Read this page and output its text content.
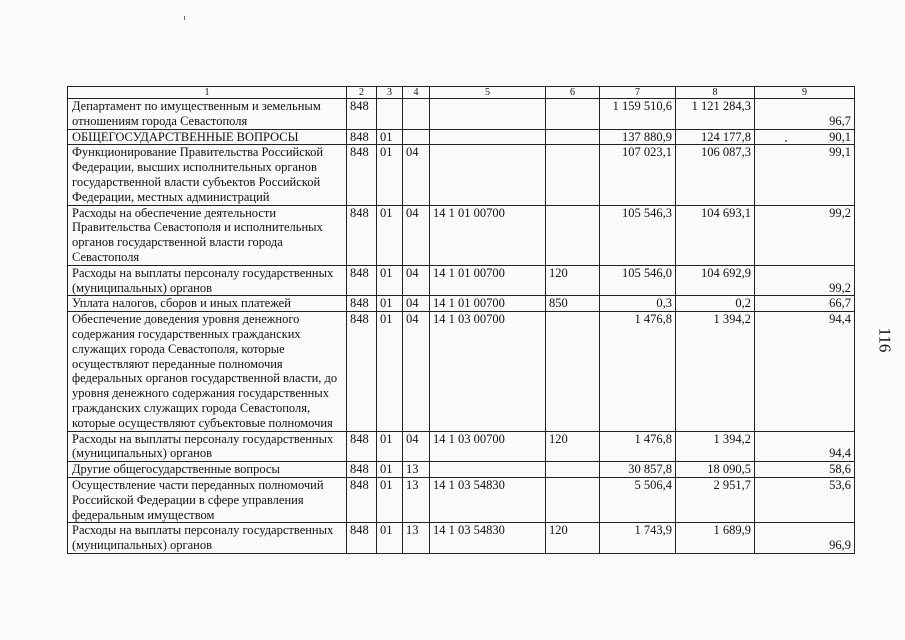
1	2	3	4	5	6	7	8	9
Департамент по имущественным и земельным отношениям города Севастополя	848					1 159 510,6	1 121 284,3	96,7
ОБЩЕГОСУДАРСТВЕННЫЕ ВОПРОСЫ	848	01				137 880,9	124 177,8	90,1
Функционирование Правительства Российской Федерации, высших исполнительных органов государственной власти субъектов Российской Федерации, местных администраций	848	01	04			107 023,1	106 087,3	99,1
Расходы на обеспечение деятельности Правительства Севастополя и исполнительных органов государственной власти города Севастополя	848	01	04	14 1 01 00700		105 546,3	104 693,1	99,2
Расходы на выплаты персоналу государственных (муниципальных) органов	848	01	04	14 1 01 00700	120	105 546,0	104 692,9	99,2
Уплата налогов, сборов и иных платежей	848	01	04	14 1 01 00700	850	0,3	0,2	66,7
Обеспечение доведения уровня денежного содержания государственных гражданских служащих города Севастополя, которые осуществляют переданные полномочия федеральных органов государственной власти, до уровня денежного содержания государственных гражданских служащих города Севастополя, которые осуществляют субъектовые полномочия	848	01	04	14 1 03 00700		1 476,8	1 394,2	94,4
Расходы на выплаты персоналу государственных (муниципальных) органов	848	01	04	14 1 03 00700	120	1 476,8	1 394,2	94,4
Другие общегосударственные вопросы	848	01	13			30 857,8	18 090,5	58,6
Осуществление части переданных полномочий Российской Федерации в сфере управления федеральным имуществом	848	01	13	14 1 03 54830		5 506,4	2 951,7	53,6
Расходы на выплаты персоналу государственных (муниципальных) органов	848	01	13	14 1 03 54830	120	1 743,9	1 689,9	96,9
116
